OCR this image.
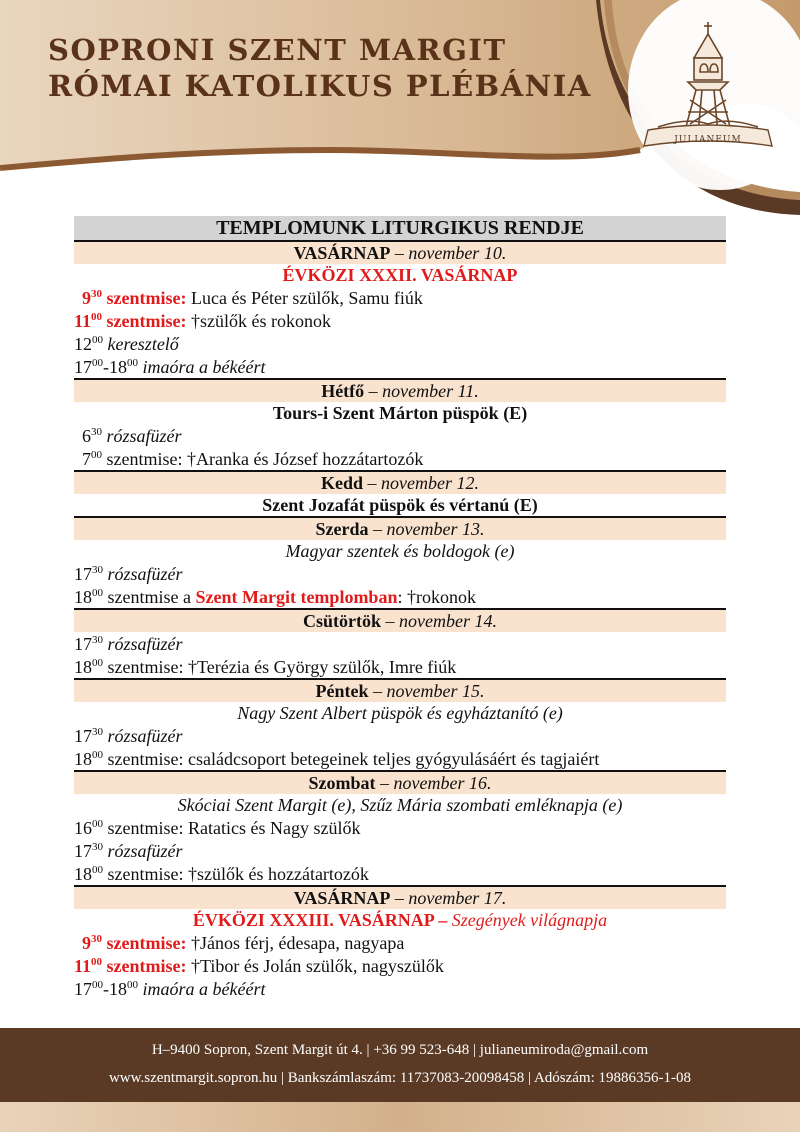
SOPRONI SZENT MARGIT
RÓMAI KATOLIKUS PLÉBÁNIA
JULIANEUM
TEMPLOMUNK LITURGIKUS RENDJE
VASÁRNAP – november 10.
ÉVKÖZI XXXII. VASÁRNAP
$9^{30}$ szentmise: Luca és Péter szülők, Samu fiúk
$11^{00}$ szentmise: †szülők és rokonok
$12^{00}$ keresztelő
$17^{00}-18^{00}$ imaóra a békéért
Hétfő – november 11.
Tours-i Szent Márton püspök (E)
$6^{30}$ rózsafüzér
$7^{00}$ szentmise: †Aranka és József hozzátartozók
Kedd – november 12.
Szent Jozafát püspök és vértanú (E)
Szerda – november 13.
Magyar szentek és boldogok (e)
$17^{30}$ rózsafüzér
$18^{00}$ szentmise a Szent Margit templomban: †rokonok
Csütörtök – november 14.
$17^{30}$ rózsafüzér
$18^{00}$ szentmise: †Terézia és György szülők, Imre fiúk
Péntek – november 15.
Nagy Szent Albert püspök és egyháztanító (e)
$17^{30}$ rózsafüzér
$18^{00}$ szentmise: családcsoport betegeinek teljes gyógyulásáért és tagjaiért
Szombat – november 16.
Skóciai Szent Margit (e), Szűz Mária szombati emléknapja (e)
$16^{00}$ szentmise: Ratatics és Nagy szülők
$17^{30}$ rózsafüzér
$18^{00}$ szentmise: †szülők és hozzátartozók
VASÁRNAP – november 17.
ÉVKÖZI XXXIII. VASÁRNAP – Szegények világnapja
$9^{30}$ szentmise: †János férj, édesapa, nagyapa
$11^{00}$ szentmise: †Tibor és Jolán szülők, nagyszülők
$17^{00}-18^{00}$ imaóra a békéért
H–9400 Sopron, Szent Margit út 4. | +36 99 523-648 | julianeumiroda@gmail.com
www.szentmargit.sopron.hu | Bankszámlaszám: 11737083-20098458 | Adószám: 19886356-1-08
